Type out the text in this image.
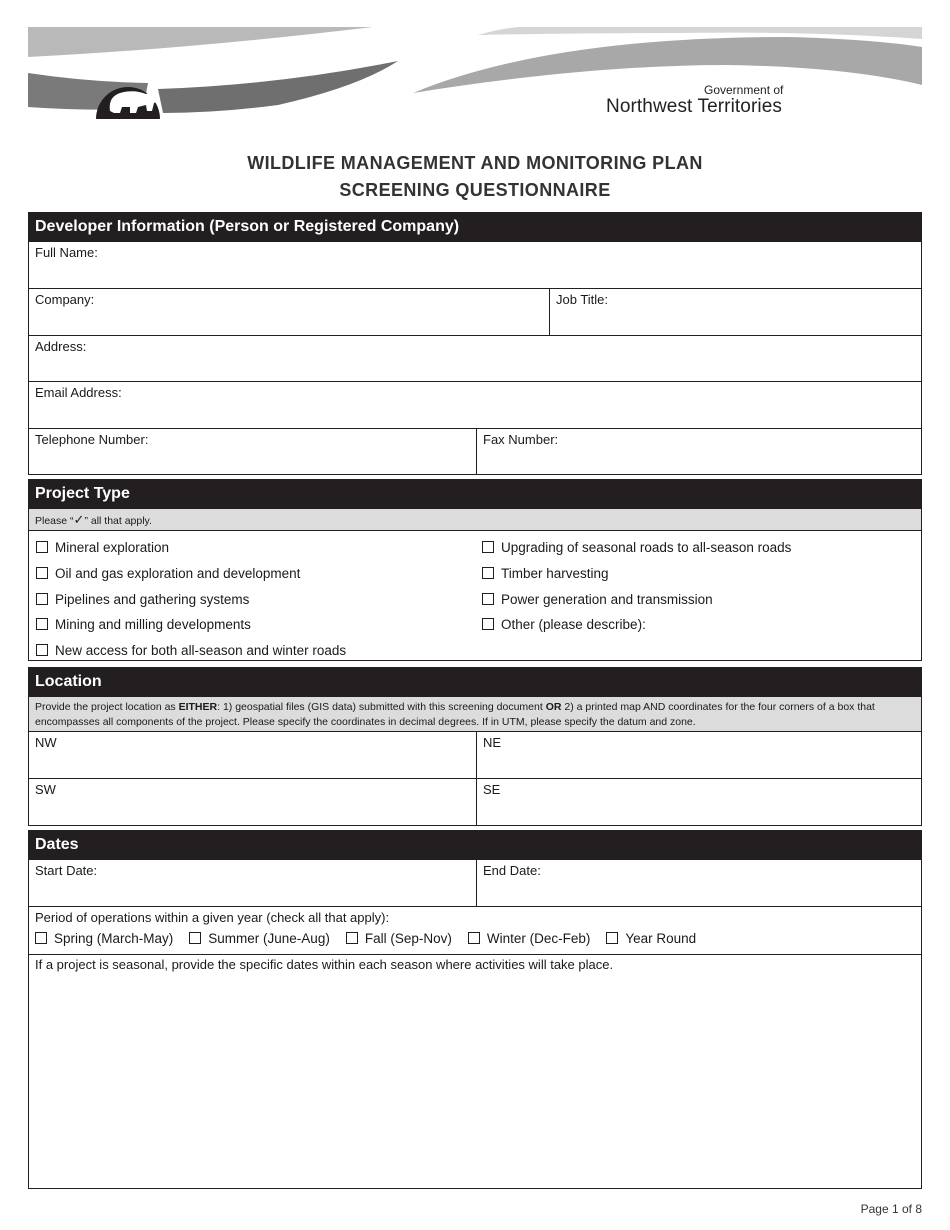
Government of
Northwest Territories
WILDLIFE MANAGEMENT AND MONITORING PLAN
SCREENING QUESTIONNAIRE
Developer Information (Person or Registered Company)
Full Name:
Company:	Job Title:
Address:
Email Address:
Telephone Number:	Fax Number:
Project Type
Please “✓” all that apply.
Mineral exploration
Oil and gas exploration and development
Pipelines and gathering systems
Mining and milling developments
New access for both all-season and winter roads
Upgrading of seasonal roads to all-season roads
Timber harvesting
Power generation and transmission
Other (please describe):
Location
Provide the project location as EITHER: 1) geospatial files (GIS data) submitted with this screening document OR 2) a printed map AND coordinates for the four corners of a box that encompasses all components of the project. Please specify the coordinates in decimal degrees. If in UTM, please specify the datum and zone.
NW	NE
SW	SE
Dates
Start Date:	End Date:
Period of operations within a given year (check all that apply):
Spring (March-May)	Summer (June-Aug)	Fall (Sep-Nov)	Winter (Dec-Feb)	Year Round
If a project is seasonal, provide the specific dates within each season where activities will take place.
Page 1 of 8
